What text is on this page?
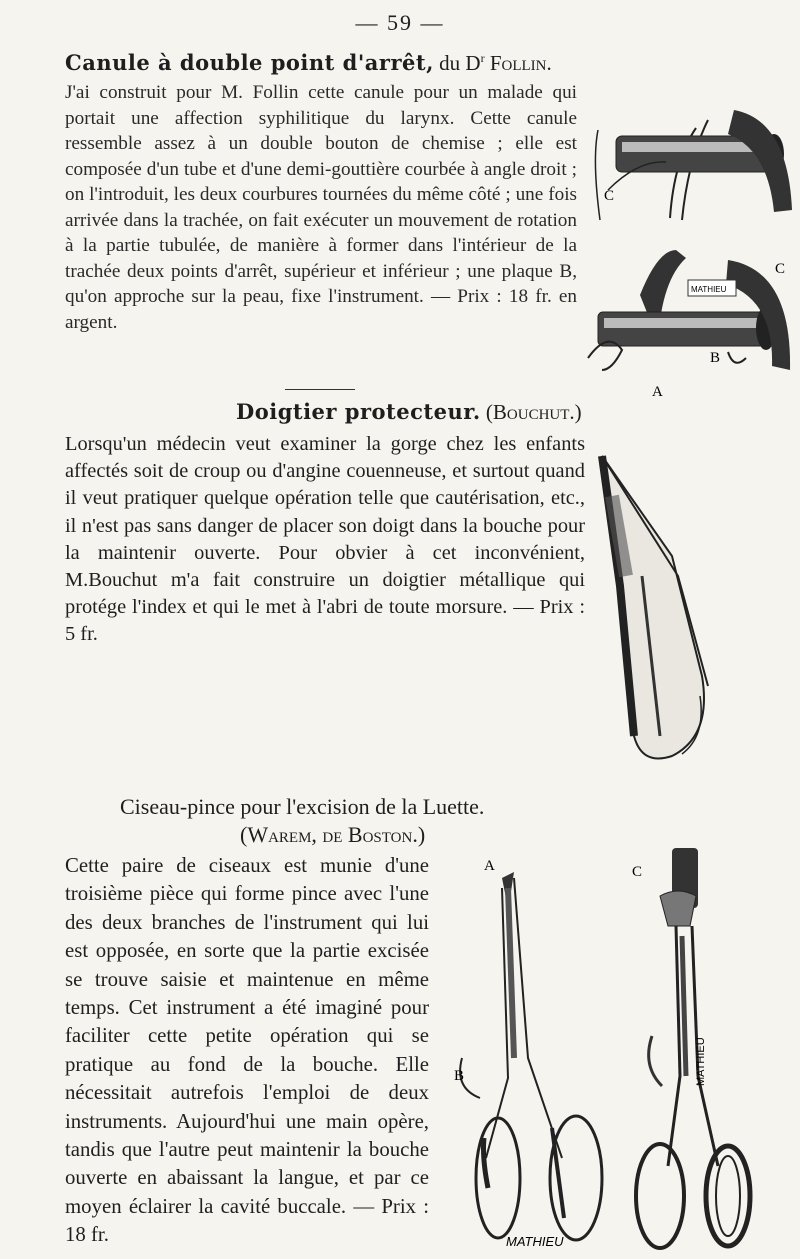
— 59 —
Canule à double point d'arrêt, du $D^r$ Follin.
J'ai construit pour M. Follin cette canule pour un malade qui portait une affection syphilitique du larynx. Cette canule ressemble assez à un double bouton de chemise ; elle est composée d'un tube et d'une demi-gouttière courbée à angle droit ; on l'introduit, les deux courbures tournées du même côté ; une fois arrivée dans la trachée, on fait exécuter un mouvement de rotation à la partie tubulée, de manière à former dans l'intérieur de la trachée deux points d'arrêt, supérieur et inférieur ; une plaque B, qu'on approche sur la peau, fixe l'instrument. — Prix : 18 fr. en argent.
C
MATHIEU
C
B
A
Doigtier protecteur. (Bouchut.)
Lorsqu'un médecin veut examiner la gorge chez les enfants affectés soit de croup ou d'angine couenneuse, et surtout quand il veut pratiquer quelque opération telle que cautérisation, etc., il n'est pas sans danger de placer son doigt dans la bouche pour la maintenir ouverte. Pour obvier à cet inconvénient, M.Bouchut m'a fait construire un doigtier métallique qui protége l'index et qui le met à l'abri de toute morsure. — Prix : 5 fr.
Ciseau-pince pour l'excision de la Luette.
(Warem, de Boston.)
Cette paire de ciseaux est munie d'une troisième pièce qui forme pince avec l'une des deux branches de l'instrument qui lui est opposée, en sorte que la partie excisée se trouve saisie et maintenue en même temps. Cet instrument a été imaginé pour faciliter cette petite opération qui se pratique au fond de la bouche. Elle nécessitait autrefois l'emploi de deux instruments. Aujourd'hui une main opère, tandis que l'autre peut maintenir la bouche ouverte en abaissant la langue, et par ce moyen éclairer la cavité buccale. — Prix : 18 fr.
A
B
MATHIEU
C
MATHIEU
